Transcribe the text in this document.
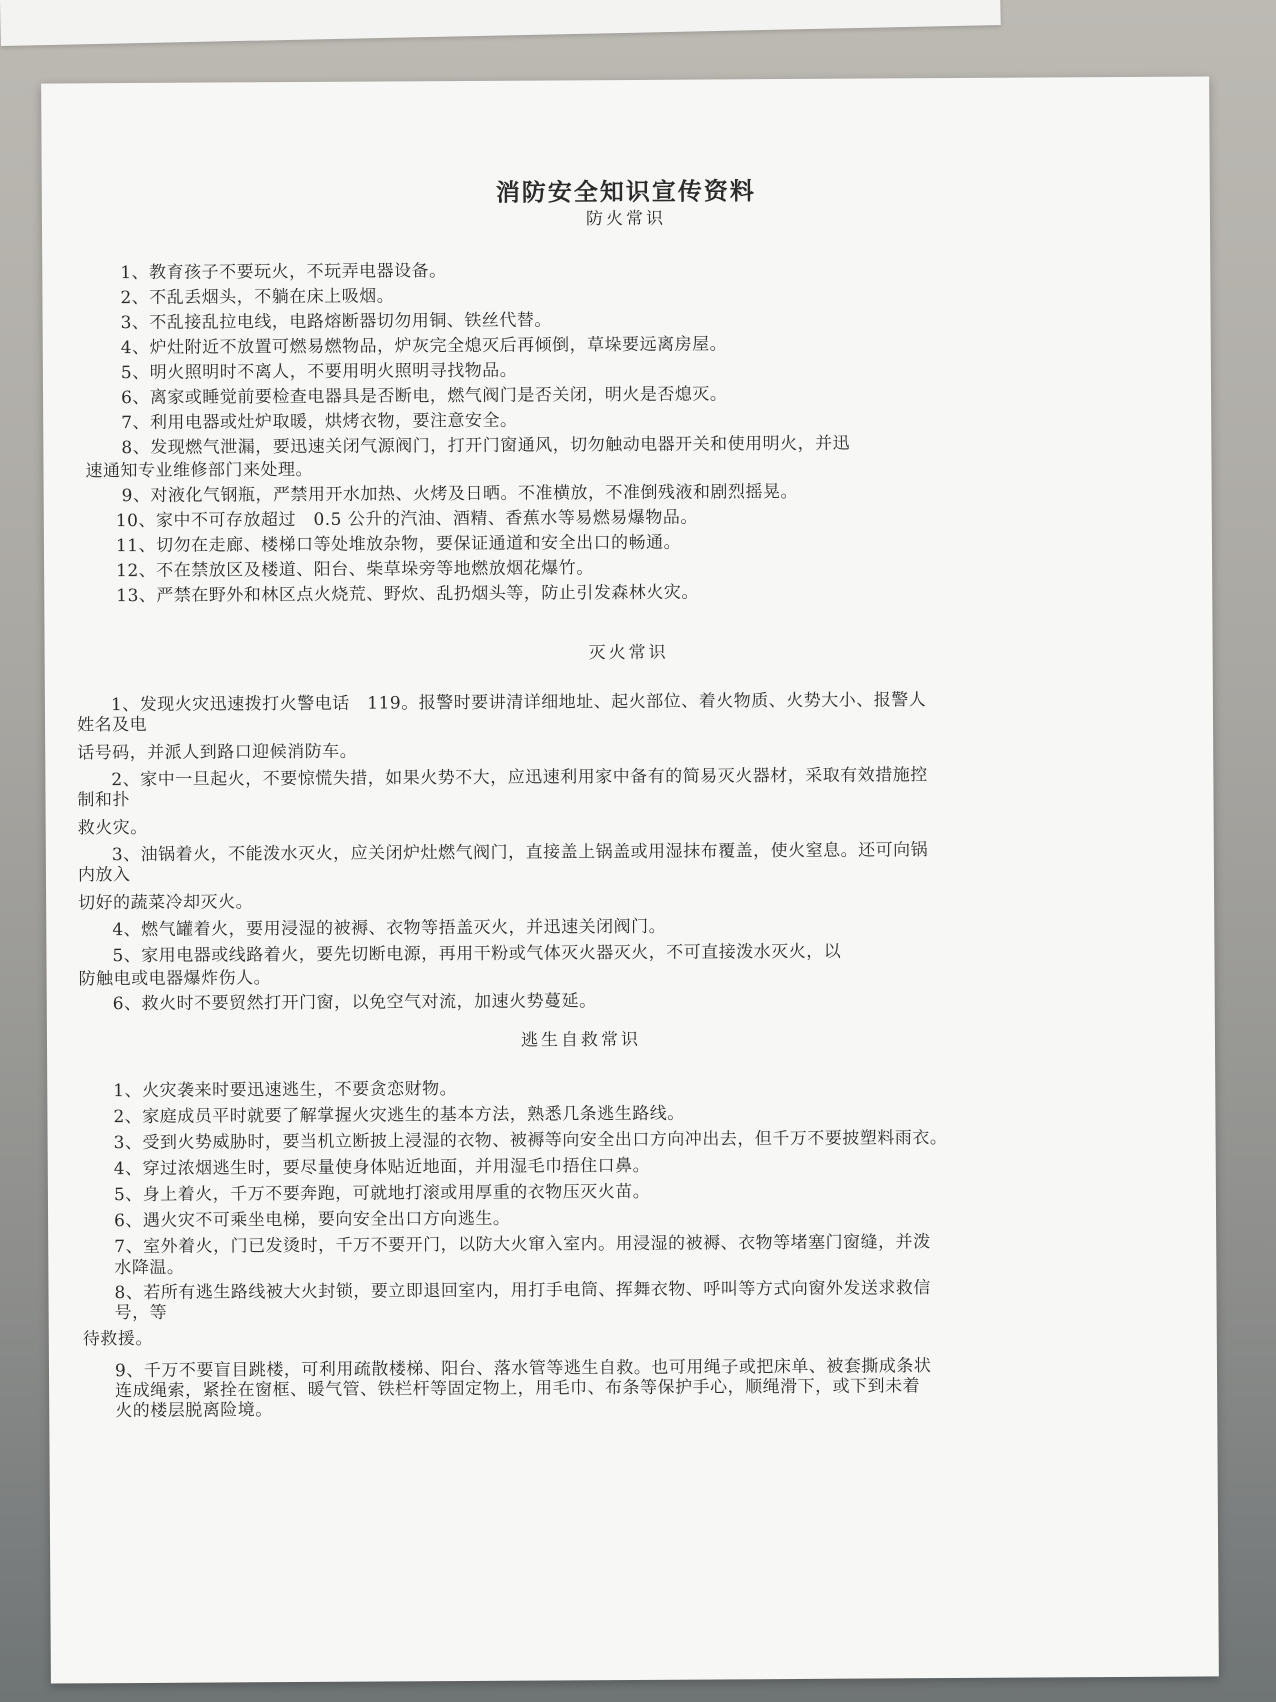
消防安全知识宣传资料
防火常识
1、教育孩子不要玩火，不玩弄电器设备。
2、不乱丢烟头，不躺在床上吸烟。
3、不乱接乱拉电线，电路熔断器切勿用铜、铁丝代替。
4、炉灶附近不放置可燃易燃物品，炉灰完全熄灭后再倾倒，草垛要远离房屋。
5、明火照明时不离人，不要用明火照明寻找物品。
6、离家或睡觉前要检查电器具是否断电，燃气阀门是否关闭，明火是否熄灭。
7、利用电器或灶炉取暖，烘烤衣物，要注意安全。
8、发现燃气泄漏，要迅速关闭气源阀门，打开门窗通风，切勿触动电器开关和使用明火，并迅
速通知专业维修部门来处理。
9、对液化气钢瓶，严禁用开水加热、火烤及日晒。不准横放，不准倒残液和剧烈摇晃。
10、家中不可存放超过　0.5 公升的汽油、酒精、香蕉水等易燃易爆物品。
11、切勿在走廊、楼梯口等处堆放杂物，要保证通道和安全出口的畅通。
12、不在禁放区及楼道、阳台、柴草垛旁等地燃放烟花爆竹。
13、严禁在野外和林区点火烧荒、野炊、乱扔烟头等，防止引发森林火灾。
灭火常识
1、发现火灾迅速拨打火警电话　119。报警时要讲清详细地址、起火部位、着火物质、火势大小、报警人
姓名及电
话号码，并派人到路口迎候消防车。
2、家中一旦起火，不要惊慌失措，如果火势不大，应迅速利用家中备有的简易灭火器材，采取有效措施控
制和扑
救火灾。
3、油锅着火，不能泼水灭火，应关闭炉灶燃气阀门，直接盖上锅盖或用湿抹布覆盖，使火窒息。还可向锅
内放入
切好的蔬菜冷却灭火。
4、燃气罐着火，要用浸湿的被褥、衣物等捂盖灭火，并迅速关闭阀门。
5、家用电器或线路着火，要先切断电源，再用干粉或气体灭火器灭火，不可直接泼水灭火，以
防触电或电器爆炸伤人。
6、救火时不要贸然打开门窗，以免空气对流，加速火势蔓延。
逃生自救常识
1、火灾袭来时要迅速逃生，不要贪恋财物。
2、家庭成员平时就要了解掌握火灾逃生的基本方法，熟悉几条逃生路线。
3、受到火势威胁时，要当机立断披上浸湿的衣物、被褥等向安全出口方向冲出去，但千万不要披塑料雨衣。
4、穿过浓烟逃生时，要尽量使身体贴近地面，并用湿毛巾捂住口鼻。
5、身上着火，千万不要奔跑，可就地打滚或用厚重的衣物压灭火苗。
6、遇火灾不可乘坐电梯，要向安全出口方向逃生。
7、室外着火，门已发烫时，千万不要开门，以防大火窜入室内。用浸湿的被褥、衣物等堵塞门窗缝，并泼
水降温。
8、若所有逃生路线被大火封锁，要立即退回室内，用打手电筒、挥舞衣物、呼叫等方式向窗外发送求救信
号，等
待救援。
9、千万不要盲目跳楼，可利用疏散楼梯、阳台、落水管等逃生自救。也可用绳子或把床单、被套撕成条状
连成绳索，紧拴在窗框、暖气管、铁栏杆等固定物上，用毛巾、布条等保护手心，顺绳滑下，或下到未着
火的楼层脱离险境。
